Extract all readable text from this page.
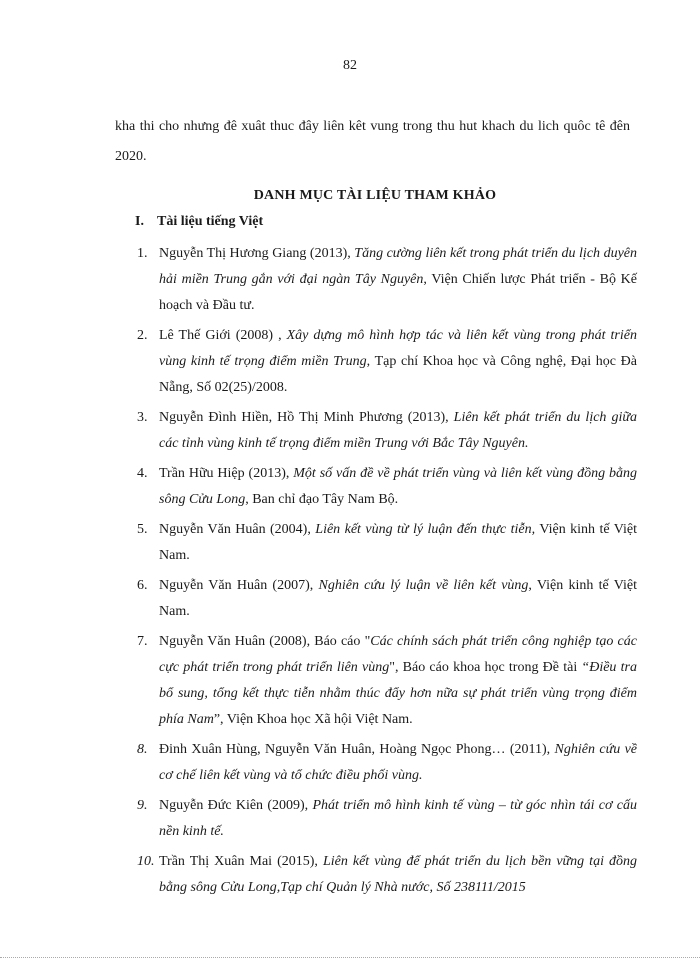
82

kha thi cho nhưng đê xuât thuc đây liên kêt vung trong thu hut khach du lich quôc tê đên 2020.

DANH MỤC TÀI LIỆU THAM KHẢO
I. Tài liệu tiếng Việt
1. Nguyễn Thị Hương Giang (2013), Tăng cường liên kết trong phát triển du lịch duyên hải miền Trung gắn với đại ngàn Tây Nguyên, Viện Chiến lược Phát triển - Bộ Kế hoạch và Đầu tư.
2. Lê Thế Giới (2008) , Xây dựng mô hình hợp tác và liên kết vùng trong phát triển vùng kinh tế trọng điểm miền Trung, Tạp chí Khoa học và Công nghệ, Đại học Đà Nẵng, Số 02(25)/2008.
3. Nguyễn Đình Hiền, Hồ Thị Minh Phương (2013), Liên kết phát triển du lịch giữa các tỉnh vùng kinh tế trọng điểm miền Trung với Bắc Tây Nguyên.
4. Trần Hữu Hiệp (2013), Một số vấn đề về phát triển vùng và liên kết vùng đồng bằng sông Cửu Long, Ban chỉ đạo Tây Nam Bộ.
5. Nguyễn Văn Huân (2004), Liên kết vùng từ lý luận đến thực tiễn, Viện kinh tế Việt Nam.
6. Nguyễn Văn Huân (2007), Nghiên cứu lý luận về liên kết vùng, Viện kinh tế Việt Nam.
7. Nguyễn Văn Huân (2008), Báo cáo "Các chính sách phát triển công nghiệp tạo các cực phát triển trong phát triển liên vùng", Báo cáo khoa học trong Đề tài “Điều tra bổ sung, tổng kết thực tiễn nhằm thúc đẩy hơn nữa sự phát triển vùng trọng điểm phía Nam”, Viện Khoa học Xã hội Việt Nam.
8. Đinh Xuân Hùng, Nguyễn Văn Huân, Hoàng Ngọc Phong… (2011), Nghiên cứu về cơ chế liên kết vùng và tổ chức điều phối vùng.
9. Nguyễn Đức Kiên (2009), Phát triển mô hình kinh tế vùng – từ góc nhìn tái cơ cấu nền kinh tế.
10. Trần Thị Xuân Mai (2015), Liên kết vùng để phát triển du lịch bền vững tại đồng bằng sông Cửu Long,Tạp chí Quản lý Nhà nước, Số 238111/2015
